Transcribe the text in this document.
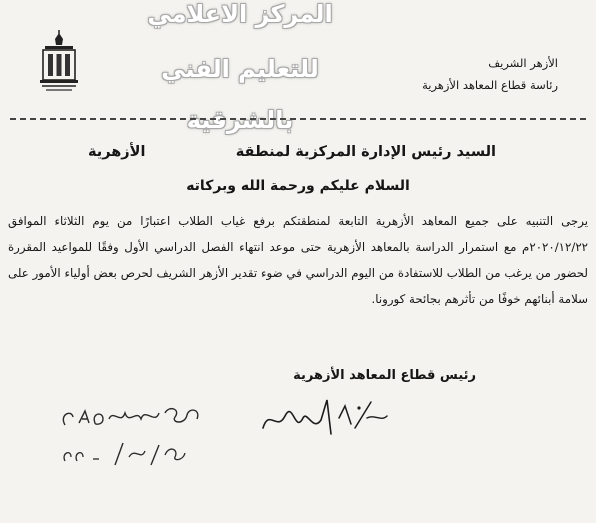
الأزهر الشريف
رئاسة قطاع المعاهد الأزهرية
المركز الاعلامي
للتعليم الفني
بالشرقية
السيد رئيس الإدارة المركزية لمنطقة
الأزهرية
السلام عليكم ورحمة الله وبركاته
يرجى التنبيه على جميع المعاهد الأزهرية التابعة لمنطقتكم برفع غياب الطلاب اعتبارًا من يوم الثلاثاء الموافق ٢٠٢٠/١٢/٢٢م مع استمرار الدراسة بالمعاهد الأزهرية حتى موعد انتهاء الفصل الدراسي الأول وفقًا للمواعيد المقررة لحضور من يرغب من الطلاب للاستفادة من اليوم الدراسي في ضوء تقدير الأزهر الشريف لحرص بعض أولياء الأمور على سلامة أبنائهم خوفًا من تأثرهم بجائحة كورونا.
رئيس قطاع المعاهد الأزهرية
